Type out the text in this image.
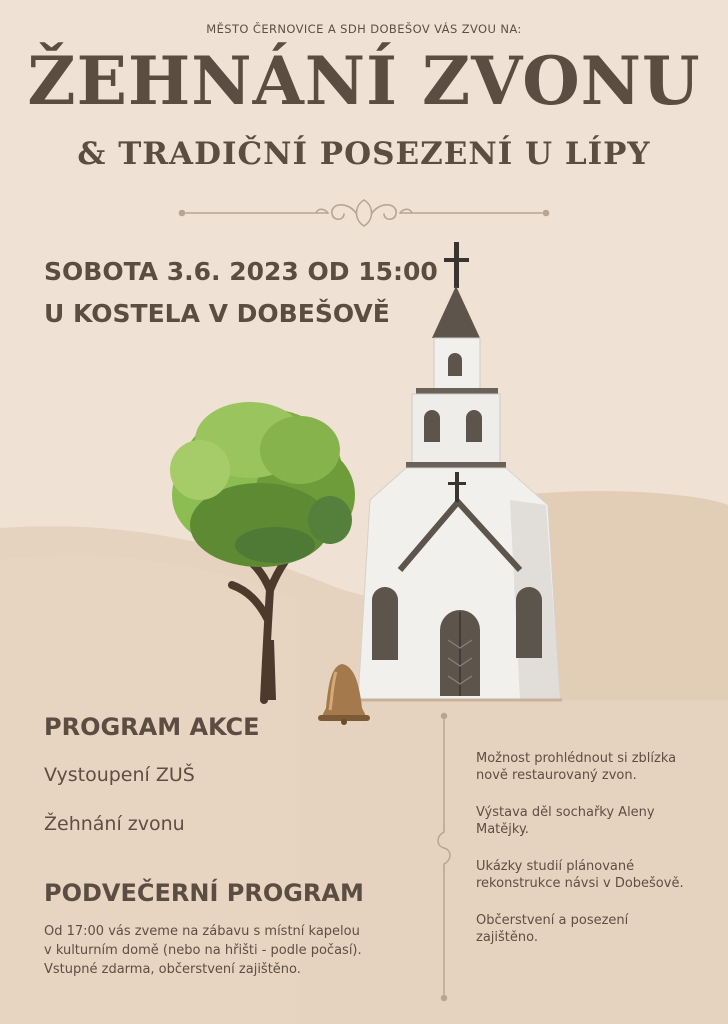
MĚSTO ČERNOVICE A SDH DOBEŠOV VÁS ZVOU NA:
ŽEHNÁNÍ ZVONU
& TRADIČNÍ POSEZENÍ U LÍPY
SOBOTA 3.6. 2023 OD 15:00
U KOSTELA V DOBEŠOVĚ
PROGRAM AKCE
Vystoupení ZUŠ
Žehnání zvonu
PODVEČERNÍ PROGRAM
Od 17:00 vás zveme na zábavu s místní kapelou
v kulturním domě (nebo na hřišti - podle počasí).
Vstupné zdarma, občerstvení zajištěno.
Možnost prohlédnout si zblízka
nově restaurovaný zvon.
Výstava děl sochařky Aleny
Matějky.
Ukázky studií plánované
rekonstrukce návsi v Dobešově.
Občerstvení a posezení
zajištěno.
